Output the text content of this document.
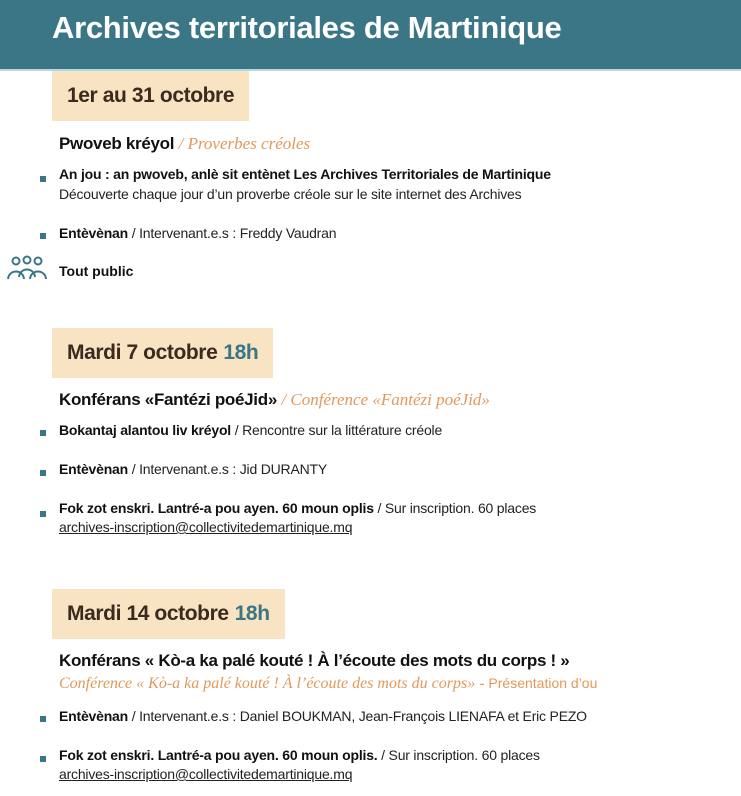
Archives territoriales de Martinique
1er au 31 octobre
Pwoveb kréyol / Proverbes créoles
An jou : an pwoveb, anlè sit entènet Les Archives Territoriales de Martinique
Découverte chaque jour d’un proverbe créole sur le site internet des Archives
Entèvènan / Intervenant.e.s : Freddy Vaudran
Tout public
Mardi 7 octobre 18h
Konférans «Fantézi poéJid» / Conférence «Fantézi poéJid»
Bokantaj alantou liv kréyol / Rencontre sur la littérature créole
Entèvènan / Intervenant.e.s : Jid DURANTY
Fok zot enskri. Lantré-a pou ayen. 60 moun oplis / Sur inscription. 60 places
archives-inscription@collectivitedemartinique.mq
Mardi 14 octobre 18h
Konférans « Kò-a ka palé kouté ! À l’écoute des mots du corps ! »
Conférence « Kò-a ka palé kouté ! À l’écoute des mots du corps» - Présentation d’ou
Entèvènan / Intervenant.e.s : Daniel BOUKMAN, Jean-François LIENAFA et Eric PEZO
Fok zot enskri. Lantré-a pou ayen. 60 moun oplis. / Sur inscription. 60 places
archives-inscription@collectivitedemartinique.mq
